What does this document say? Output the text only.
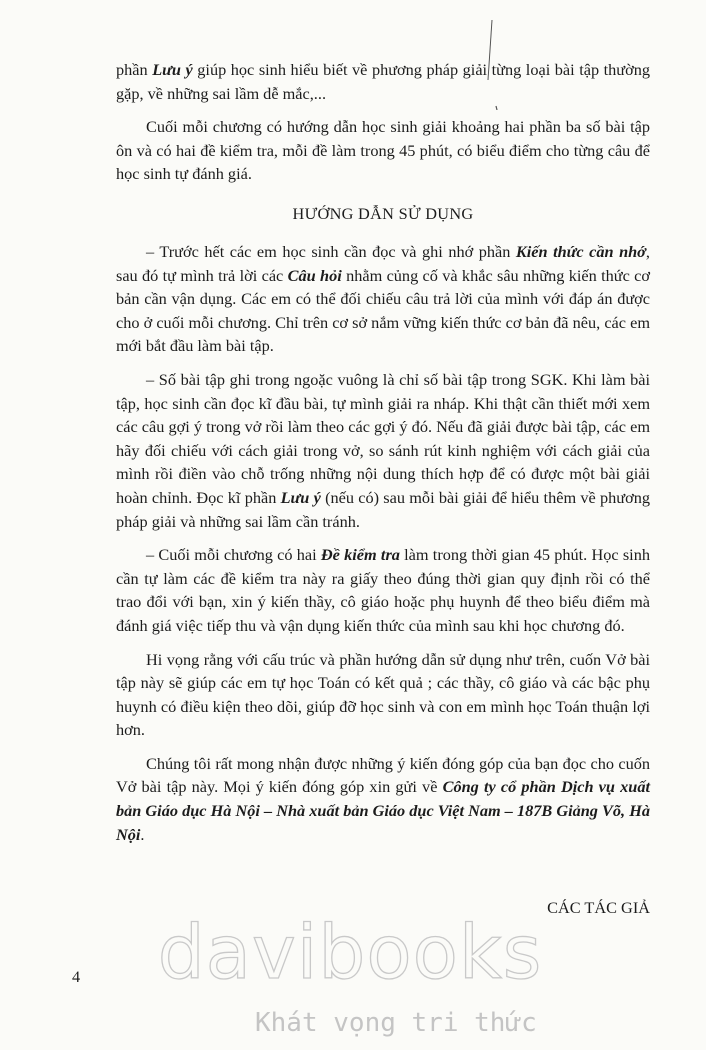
phần Lưu ý giúp học sinh hiểu biết về phương pháp giải từng loại bài tập thường gặp, về những sai lầm dễ mắc,...

Cuối mỗi chương có hướng dẫn học sinh giải khoảng hai phần ba số bài tập ôn và có hai đề kiểm tra, mỗi đề làm trong 45 phút, có biểu điểm cho từng câu để học sinh tự đánh giá.

HƯỚNG DẪN SỬ DỤNG

– Trước hết các em học sinh cần đọc và ghi nhớ phần Kiến thức cần nhớ, sau đó tự mình trả lời các Câu hỏi nhằm củng cố và khắc sâu những kiến thức cơ bản cần vận dụng. Các em có thể đối chiếu câu trả lời của mình với đáp án được cho ở cuối mỗi chương. Chỉ trên cơ sở nắm vững kiến thức cơ bản đã nêu, các em mới bắt đầu làm bài tập.

– Số bài tập ghi trong ngoặc vuông là chỉ số bài tập trong SGK. Khi làm bài tập, học sinh cần đọc kĩ đầu bài, tự mình giải ra nháp. Khi thật cần thiết mới xem các câu gợi ý trong vở rồi làm theo các gợi ý đó. Nếu đã giải được bài tập, các em hãy đối chiếu với cách giải trong vở, so sánh rút kinh nghiệm với cách giải của mình rồi điền vào chỗ trống những nội dung thích hợp để có được một bài giải hoàn chỉnh. Đọc kĩ phần Lưu ý (nếu có) sau mỗi bài giải để hiểu thêm về phương pháp giải và những sai lầm cần tránh.

– Cuối mỗi chương có hai Đề kiểm tra làm trong thời gian 45 phút. Học sinh cần tự làm các đề kiểm tra này ra giấy theo đúng thời gian quy định rồi có thể trao đổi với bạn, xin ý kiến thầy, cô giáo hoặc phụ huynh để theo biểu điểm mà đánh giá việc tiếp thu và vận dụng kiến thức của mình sau khi học chương đó.

Hi vọng rằng với cấu trúc và phần hướng dẫn sử dụng như trên, cuốn Vở bài tập này sẽ giúp các em tự học Toán có kết quả ; các thầy, cô giáo và các bậc phụ huynh có điều kiện theo dõi, giúp đỡ học sinh và con em mình học Toán thuận lợi hơn.

Chúng tôi rất mong nhận được những ý kiến đóng góp của bạn đọc cho cuốn Vở bài tập này. Mọi ý kiến đóng góp xin gửi về Công ty cổ phần Dịch vụ xuất bản Giáo dục Hà Nội – Nhà xuất bản Giáo dục Việt Nam – 187B Giảng Võ, Hà Nội.

CÁC TÁC GIẢ
4 davibooks
Khát vọng tri thức
